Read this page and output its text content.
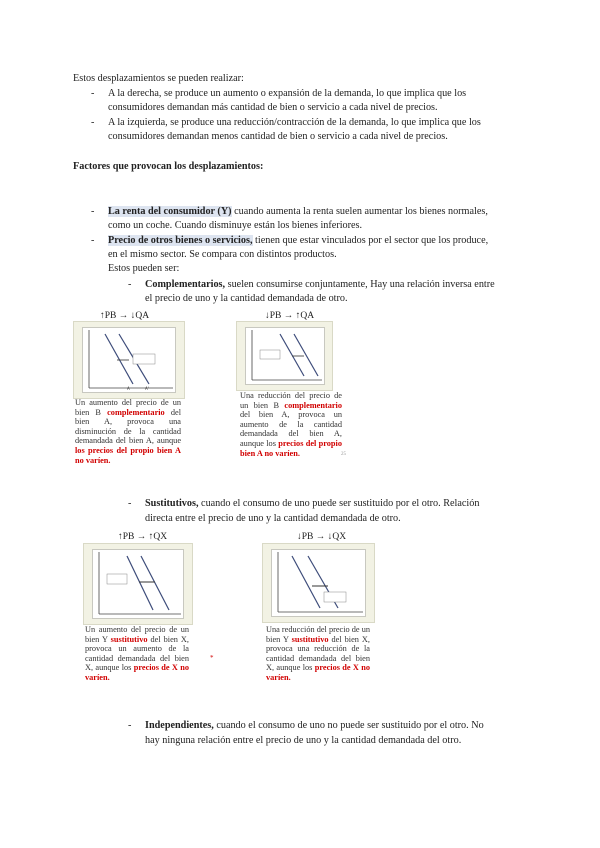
Estos desplazamientos se pueden realizar:
- A la derecha, se produce un aumento o expansión de la demanda, lo que implica que los
consumidores demandan más cantidad de bien o servicio a cada nivel de precios.
- A la izquierda, se produce una reducción/contracción de la demanda, lo que implica que los
consumidores demandan menos cantidad de bien o servicio a cada nivel de precios.
Factores que provocan los desplazamientos:
- La renta del consumidor (Y) cuando aumenta la renta suelen aumentar los bienes normales,
como un coche. Cuando disminuye están los bienes inferiores.
- Precio de otros bienes o servicios, tienen que estar vinculados por el sector que los produce,
en el mismo sector. Se compara con distintos productos.
Estos pueden ser:
- Complementarios, suelen consumirse conjuntamente, Hay una relación inversa entre
el precio de uno y la cantidad demandada de otro.
↑PB → ↓QA
A	A'
Un aumento del precio de un bien B complementario del bien A, provoca una disminución de la cantidad demandada del bien A, aunque los precios del propio bien A no varíen.
↓PB → ↑QA
Una reducción del precio de un bien B complementario del bien A, provoca un aumento de la cantidad demandada del bien A, aunque los precios del propio bien A no varíen.	25
- Sustitutivos, cuando el consumo de uno puede ser sustituido por el otro. Relación
directa entre el precio de uno y la cantidad demandada de otro.
↑PB → ↑QX
Un aumento del precio de un bien Y sustitutivo del bien X, provoca un aumento de la cantidad demandada del bien X, aunque los precios de X no varíen.
*
↓PB → ↓QX
Una reducción del precio de un bien Y sustitutivo del bien X, provoca una reducción de la cantidad demandada del bien X, aunque los precios de X no varíen.
- Independientes, cuando el consumo de uno no puede ser sustituido por el otro. No
hay ninguna relación entre el precio de uno y la cantidad demandada del otro.
